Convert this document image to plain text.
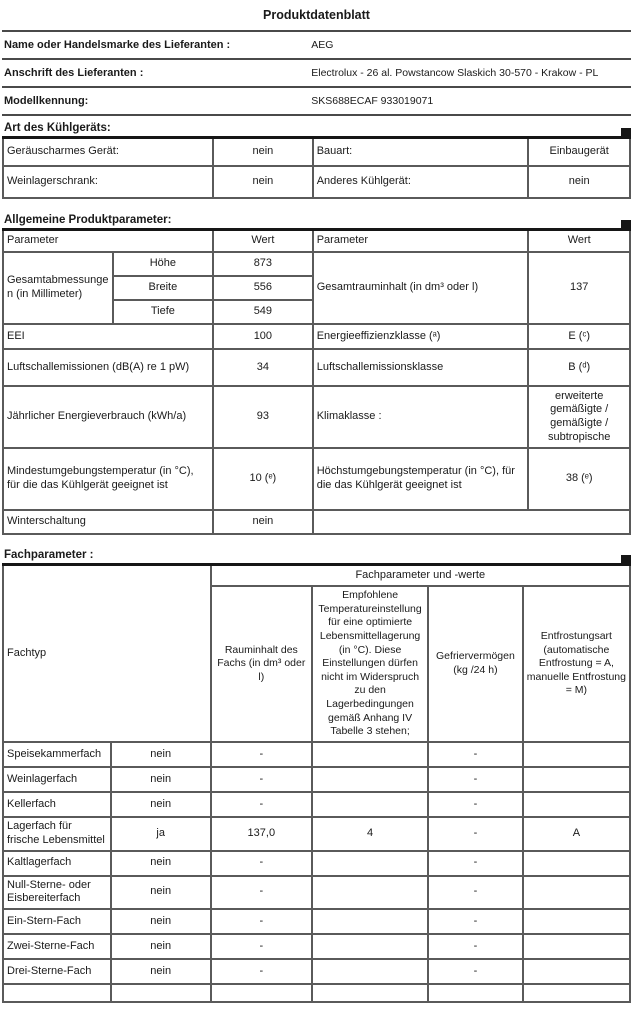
Produktdatenblatt
Name oder Handelsmarke des Lieferanten :	AEG
Anschrift des Lieferanten :	Electrolux - 26 al. Powstancow Slaskich 30-570 - Krakow - PL
Modellkennung:	SKS688ECAF 933019071
Art des Kühlgeräts:
Geräuscharmes Gerät:	nein	Bauart:	Einbaugerät
Weinlagerschrank:	nein	Anderes Kühlgerät:	nein
Allgemeine Produktparameter:
Parameter		Wert	Parameter	Wert
Gesamtabmessungen (in Millimeter)	Höhe	873	Gesamtrauminhalt (in dm³ oder l)	137
	Breite	556		
	Tiefe	549		
EEI		100	Energieeffizienzklasse (ᵃ)	E (ᶜ)
Luftschallemissionen (dB(A) re 1 pW)		34	Luftschallemissionsklasse	B (ᵈ)
Jährlicher Energieverbrauch (kWh/a)		93	Klimaklasse :	erweiterte gemäßigte / gemäßigte / subtropische
Mindestumgebungstemperatur (in °C), für die das Kühlgerät geeignet ist		10 (ᵉ)	Höchstumgebungstemperatur (in °C), für die das Kühlgerät geeignet ist	38 (ᵉ)
Winterschaltung		nein		
Fachparameter :
Fachtyp		Fachparameter und -werte			
		Rauminhalt des Fachs (in dm³ oder l)	Empfohlene Temperatureinstellung für eine optimierte Lebensmittellagerung (in °C). Diese Einstellungen dürfen nicht im Widerspruch zu den Lagerbedingungen gemäß Anhang IV Tabelle 3 stehen;	Gefriervermögen (kg /24 h)	Entfrostungsart (automatische Entfrostung = A, manuelle Entfrostung = M)
Speisekammerfach	nein	-		-	
Weinlagerfach	nein	-		-	
Kellerfach	nein	-		-	
Lagerfach für frische Lebensmittel	ja	137,0	4	-	A
Kaltlagerfach	nein	-		-	
Null-Sterne- oder Eisbereiterfach	nein	-		-	
Ein-Stern-Fach	nein	-		-	
Zwei-Sterne-Fach	nein	-		-	
Drei-Sterne-Fach	nein	-		-	
